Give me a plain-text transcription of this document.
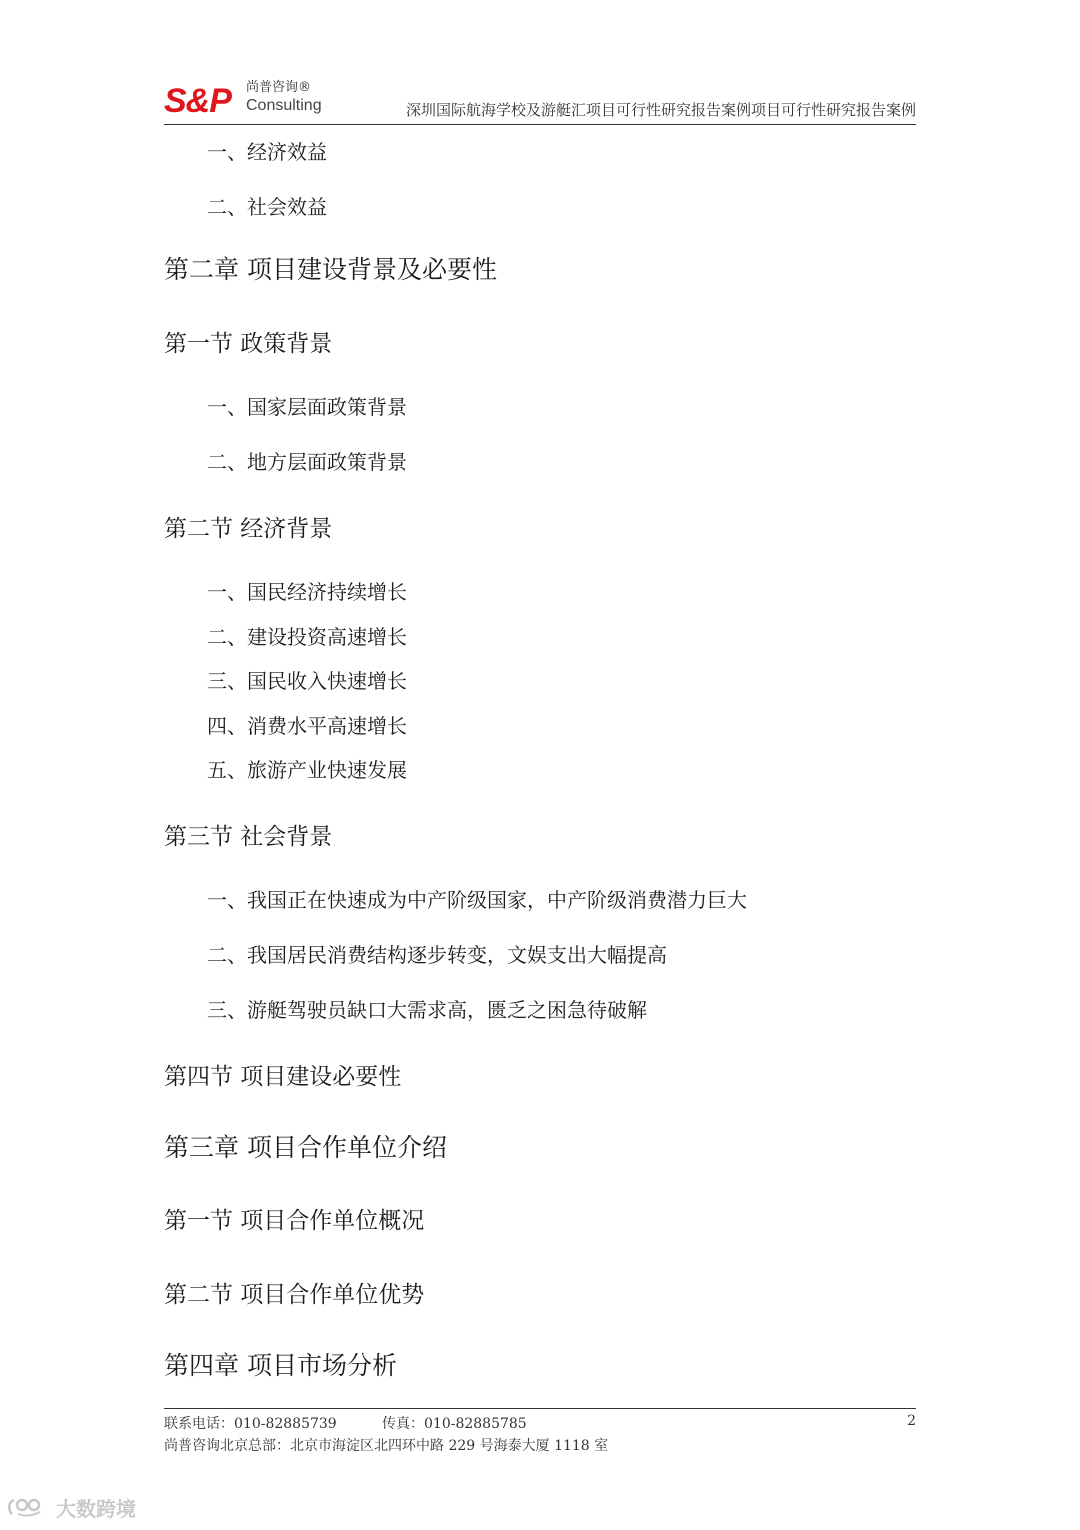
S&P 尚普咨询®
Consulting	深圳国际航海学校及游艇汇项目可行性研究报告案例项目可行性研究报告案例
一、经济效益
二、社会效益
第二章 项目建设背景及必要性
第一节 政策背景
一、国家层面政策背景
二、地方层面政策背景
第二节 经济背景
一、国民经济持续增长
二、建设投资高速增长
三、国民收入快速增长
四、消费水平高速增长
五、旅游产业快速发展
第三节 社会背景
一、我国正在快速成为中产阶级国家，中产阶级消费潜力巨大
二、我国居民消费结构逐步转变，文娱支出大幅提高
三、游艇驾驶员缺口大需求高，匮乏之困急待破解
第四节 项目建设必要性
第三章 项目合作单位介绍
第一节 项目合作单位概况
第二节 项目合作单位优势
第四章 项目市场分析
联系电话：010-82885739	传真：010-82885785	2
尚普咨询北京总部：北京市海淀区北四环中路 229 号海泰大厦 1118 室
大数跨境
